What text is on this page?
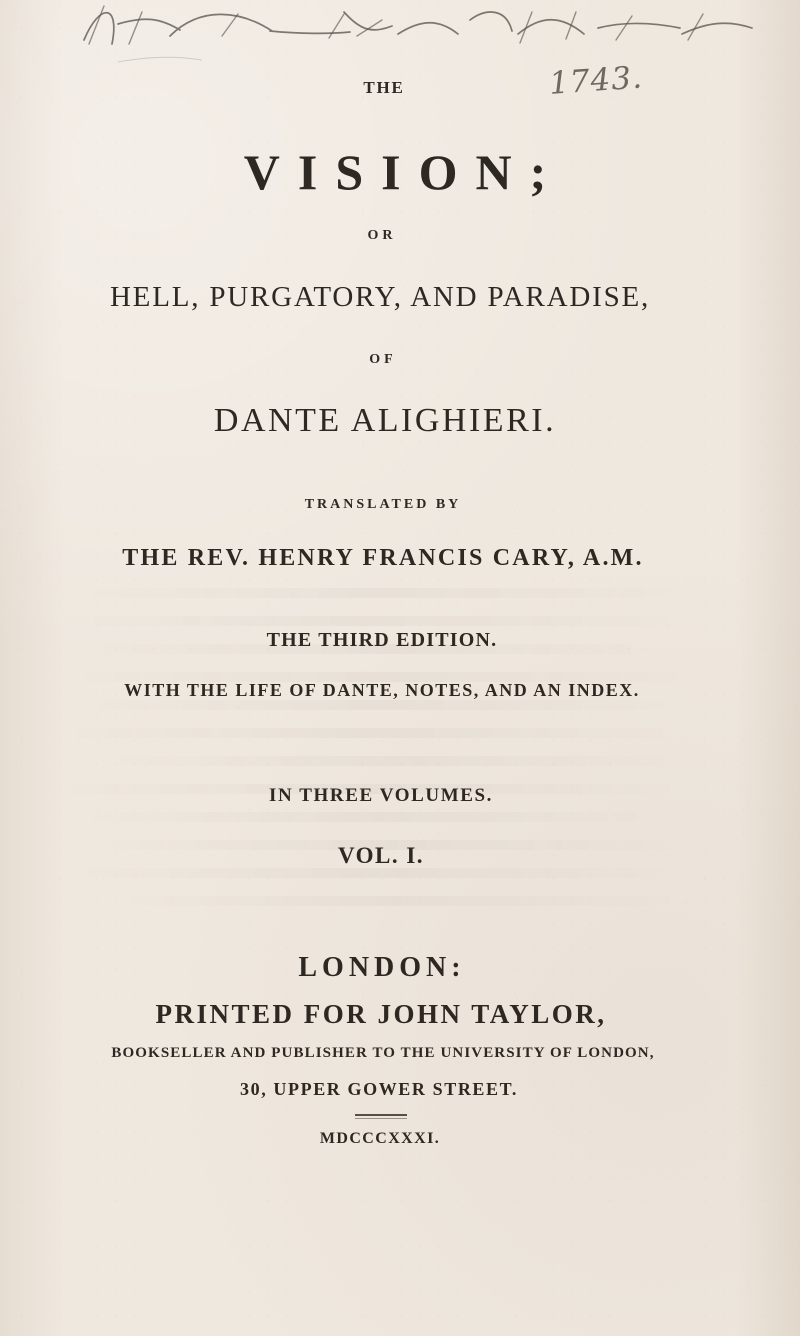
1743.
THE
VISION;
OR
HELL, PURGATORY, AND PARADISE,
OF
DANTE ALIGHIERI.
TRANSLATED BY
THE REV. HENRY FRANCIS CARY, A.M.
THE THIRD EDITION.
WITH THE LIFE OF DANTE, NOTES, AND AN INDEX.
IN THREE VOLUMES.
VOL. I.
LONDON:
PRINTED FOR JOHN TAYLOR,
BOOKSELLER AND PUBLISHER TO THE UNIVERSITY OF LONDON,
30, UPPER GOWER STREET.
MDCCCXXXI.
